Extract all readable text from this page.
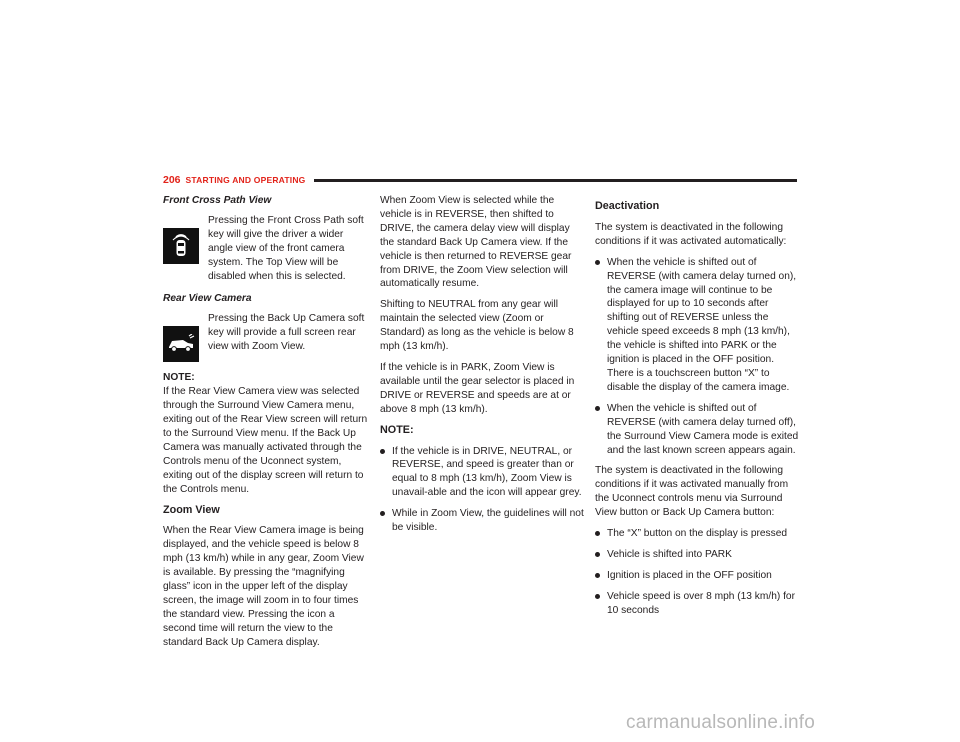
206 STARTING AND OPERATING
Front Cross Path View
Pressing the Front Cross Path soft key will give the driver a wider angle view of the front camera system. The Top View will be disabled when this is selected.
Rear View Camera
Pressing the Back Up Camera soft key will provide a full screen rear view with Zoom View.
NOTE:

If the Rear View Camera view was selected through the Surround View Camera menu, exiting out of the Rear View screen will return to the Surround View menu. If the Back Up Camera was manually activated through the Controls menu of the Uconnect system, exiting out of the display screen will return to the Controls menu.

Zoom View

When the Rear View Camera image is being displayed, and the vehicle speed is below 8 mph (13 km/h) while in any gear, Zoom View is available. By pressing the “magnifying glass” icon in the upper left of the display screen, the image will zoom in to four times the standard view. Pressing the icon a second time will return the view to the standard Back Up Camera display.

When Zoom View is selected while the vehicle is in REVERSE, then shifted to DRIVE, the camera delay view will display the standard Back Up Camera view. If the vehicle is then returned to REVERSE gear from DRIVE, the Zoom View selection will automatically resume.

Shifting to NEUTRAL from any gear will maintain the selected view (Zoom or Standard) as long as the vehicle is below 8 mph (13 km/h).

If the vehicle is in PARK, Zoom View is available until the gear selector is placed in DRIVE or REVERSE and speeds are at or above 8 mph (13 km/h).

NOTE:
If the vehicle is in DRIVE, NEUTRAL, or REVERSE, and speed is greater than or equal to 8 mph (13 km/h), Zoom View is unavail-able and the icon will appear grey.
While in Zoom View, the guidelines will not be visible.
Deactivation

The system is deactivated in the following conditions if it was activated automatically:

When the vehicle is shifted out of REVERSE (with camera delay turned on), the camera image will continue to be displayed for up to 10 seconds after shifting out of REVERSE unless the vehicle speed exceeds 8 mph (13 km/h), the vehicle is shifted into PARK or the ignition is placed in the OFF position. There is a touchscreen button “X” to disable the display of the camera image.
When the vehicle is shifted out of REVERSE (with camera delay turned off), the Surround View Camera mode is exited and the last known screen appears again.

The system is deactivated in the following conditions if it was activated manually from the Uconnect controls menu via Surround View button or Back Up Camera button:

The “X” button on the display is pressed
Vehicle is shifted into PARK
Ignition is placed in the OFF position
Vehicle speed is over 8 mph (13 km/h) for 10 seconds
carmanualsonline.info
